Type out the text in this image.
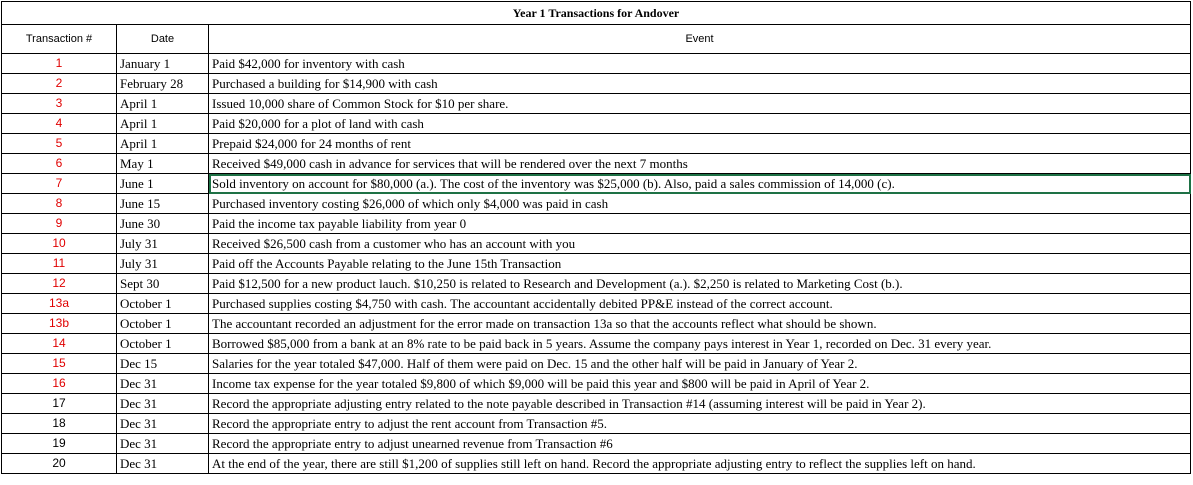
Year 1 Transactions for Andover		
Transaction #	Date	Event
1	January 1	Paid $42,000 for inventory with cash
2	February 28	Purchased a building for $14,900 with cash
3	April 1	Issued 10,000 share of Common Stock for $10 per share.
4	April 1	Paid $20,000 for a plot of land with cash
5	April 1	Prepaid $24,000 for 24 months of rent
6	May 1	Received $49,000 cash in advance for services that will be rendered over the next 7 months
7	June 1	Sold inventory on account for $80,000 (a.). The cost of the inventory was $25,000 (b). Also, paid a sales commission of 14,000 (c).
8	June 15	Purchased inventory costing $26,000 of which only $4,000 was paid in cash
9	June 30	Paid the income tax payable liability from year 0
10	July 31	Received $26,500 cash from a customer who has an account with you
11	July 31	Paid off the Accounts Payable relating to the June 15th Transaction
12	Sept 30	Paid $12,500 for a new product lauch. $10,250 is related to Research and Development (a.). $2,250 is related to Marketing Cost (b.).
13a	October 1	Purchased supplies costing $4,750 with cash. The accountant accidentally debited PP&E instead of the correct account.
13b	October 1	The accountant recorded an adjustment for the error made on transaction 13a so that the accounts reflect what should be shown.
14	October 1	Borrowed $85,000 from a bank at an 8% rate to be paid back in 5 years. Assume the company pays interest in Year 1, recorded on Dec. 31 every year.
15	Dec 15	Salaries for the year totaled $47,000. Half of them were paid on Dec. 15 and the other half will be paid in January of Year 2.
16	Dec 31	Income tax expense for the year totaled $9,800 of which $9,000 will be paid this year and $800 will be paid in April of Year 2.
17	Dec 31	Record the appropriate adjusting entry related to the note payable described in Transaction #14 (assuming interest will be paid in Year 2).
18	Dec 31	Record the appropriate entry to adjust the rent account from Transaction #5.
19	Dec 31	Record the appropriate entry to adjust unearned revenue from Transaction #6
20	Dec 31	At the end of the year, there are still $1,200 of supplies still left on hand. Record the appropriate adjusting entry to reflect the supplies left on hand.
